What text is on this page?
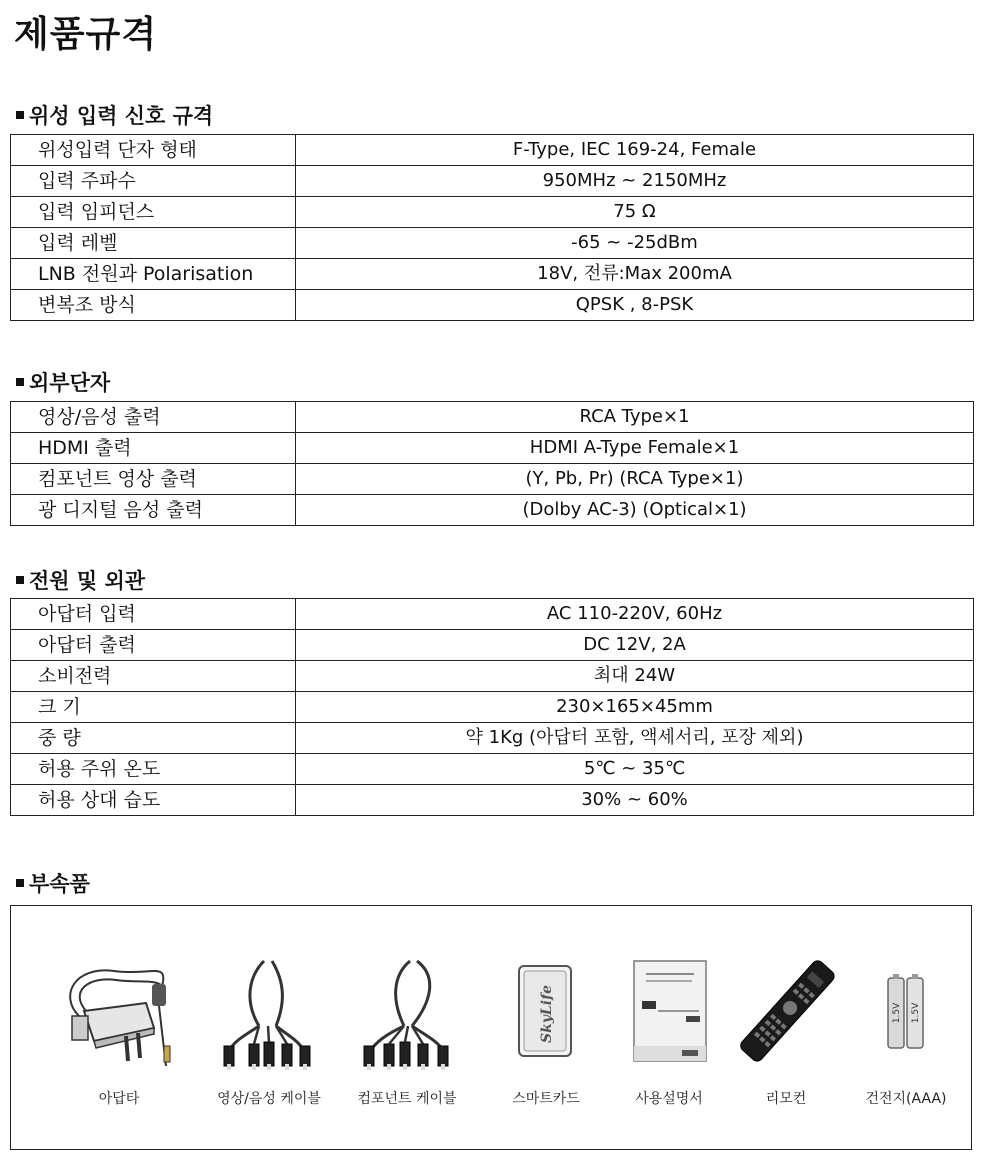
제품규격
위성 입력 신호 규격
위성입력 단자 형태	F-Type, IEC 169-24, Female
입력 주파수	950MHz ~ 2150MHz
입력 임피던스	75 Ω
입력 레벨	-65 ~ -25dBm
LNB 전원과 Polarisation	18V, 전류:Max 200mA
변복조 방식	QPSK , 8-PSK
외부단자
영상/음성 출력	RCA Type×1
HDMI 출력	HDMI A-Type Female×1
컴포넌트 영상 출력	(Y, Pb, Pr) (RCA Type×1)
광 디지털 음성 출력	(Dolby AC-3) (Optical×1)
전원 및 외관
아답터 입력	AC 110-220V, 60Hz
아답터 출력	DC 12V, 2A
소비전력	최대 24W
크 기	230×165×45mm
중 량	약 1Kg (아답터 포함, 액세서리, 포장 제외)
허용 주위 온도	5℃ ~ 35℃
허용 상대 습도	30% ~ 60%
부속품
아답타	영상/음성 케이블	컴포넌트 케이블
SkyLife
스마트카드	사용설명서	리모컨
1.5V 1.5V
건전지(AAA)
